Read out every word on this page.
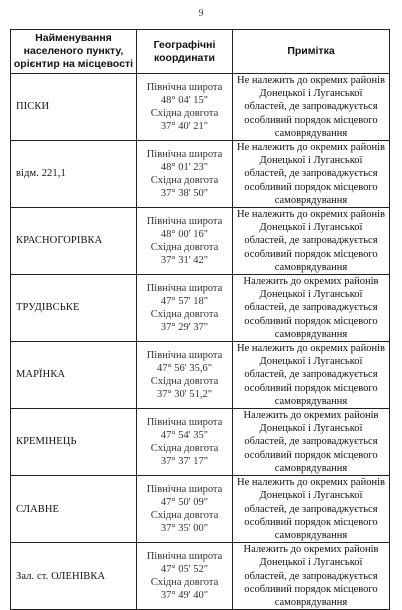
9
Найменування
населеного пункту,
орієнтир на місцевості	Географічні
координати	Примітка

ПІСКИ	Північна широта
48° 04' 15"
Східна довгота
37° 40' 21"	Не належить до окремих районів
Донецької і Луганської
областей, де запроваджується
особливий порядок місцевого
самоврядування

відм. 221,1	Північна широта
48° 01' 23"
Східна довгота
37° 38' 50"	Не належить до окремих районів
Донецької і Луганської
областей, де запроваджується
особливий порядок місцевого
самоврядування

КРАСНОГОРІВКА	Північна широта
48° 00' 16"
Східна довгота
37° 31' 42"	Не належить до окремих районів
Донецької і Луганської
областей, де запроваджується
особливий порядок місцевого
самоврядування

ТРУДІВСЬКЕ	Північна широта
47° 57' 18"
Східна довгота
37° 29' 37"	Належить до окремих районів
Донецької і Луганської
областей, де запроваджується
особливий порядок місцевого
самоврядування

МАРЇНКА	Північна широта
47° 56' 35,6"
Східна довгота
37° 30' 51,2"	Не належить до окремих районів
Донецької і Луганської
областей, де запроваджується
особливий порядок місцевого
самоврядування

КРЕМІНЕЦЬ	Північна широта
47° 54' 35"
Східна довгота
37° 37' 17"	Належить до окремих районів
Донецької і Луганської
областей, де запроваджується
особливий порядок місцевого
самоврядування

СЛАВНЕ	Північна широта
47° 50' 09"
Східна довгота
37° 35' 00"	Не належить до окремих районів
Донецької і Луганської
областей, де запроваджується
особливий порядок місцевого
самоврядування

Зал. ст. ОЛЕНІВКА	Північна широта
47° 05' 52"
Східна довгота
37° 49' 40"	Належить до окремих районів
Донецької і Луганської
областей, де запроваджується
особливий порядок місцевого
самоврядування
